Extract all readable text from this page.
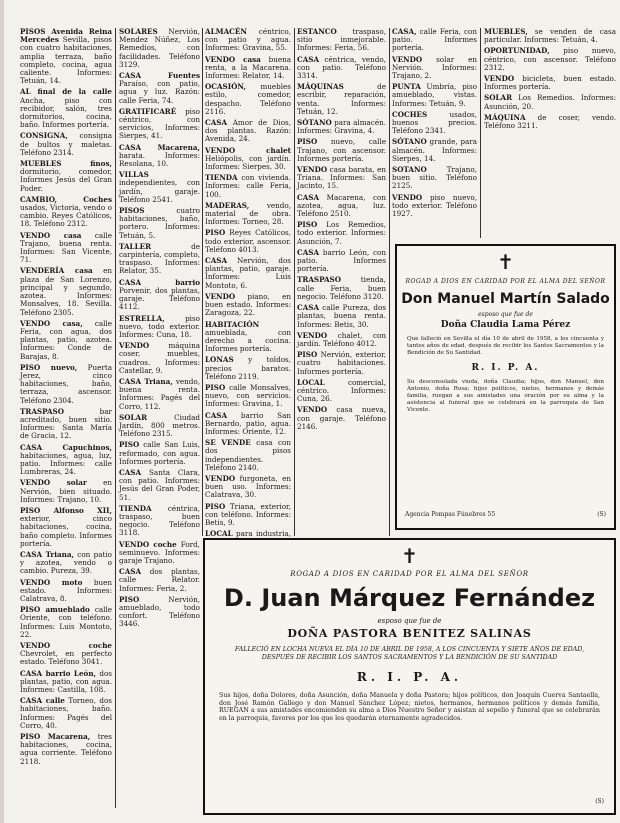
PISOS Avenida Reina Mercedes Sevilla, pisos con cuatro habitaciones, amplia terraza, baño completo, cocina, agua caliente. Informes: Tetuán, 14.

AL final de la calle Ancha, piso con recibidor, salón, tres dormitorios, cocina, baño. Informes portería.

CONSIGNA, consigna de bultos y maletas. Teléfono 2314.

MUEBLES finos, dormitorio, comedor, Informes Jesús del Gran Poder.

CAMBIO, Coches usados, Victoria, vendo o cambio. Reyes Católicos, 18. Teléfono 2312.

VENDO casa calle Trajano, buena renta. Informes: San Vicente, 71.

VENDERÍA casa en plaza de San Lorenzo, principal y segundo, azotea. Informes: Monsalves, 18. Sevilla. Teléfono 2305.

VENDO casa, calle Feria, con agua, dos plantas, patio, azotea. Informes: Conde de Barajas, 8.

PISO nuevo, Puerta Jerez, cinco habitaciones, baño, terraza, ascensor. Teléfono 2304.

TRASPASO bar acreditado, buen sitio. Informes: Santa María de Gracia, 12.

CASA Capuchinos, habitaciones, agua, luz, patio. Informes: calle Lumbreras, 24.

VENDO solar en Nervión, bien situado. Informes: Trajano, 10.

PISO Alfonso XII, exterior, cinco habitaciones, cocina, baño completo. Informes portería.

CASA Triana, con patio y azotea, vendo o cambio. Pureza, 39.

VENDO moto buen estado. Informes: Calatrava, 8.

PISO amueblado calle Oriente, con teléfono. Informes: Luis Montoto, 22.

VENDO coche Chevrolet, en perfecto estado. Teléfono 3041.

CASA barrio León, dos plantas, patio, con agua. Informes: Castilla, 108.

CASA calle Torneo, dos habitaciones, baño. Informes: Pagés del Corro, 40.

PISO Macarena, tres habitaciones, cocina, agua corriente. Teléfono 2118.

SOLARES Nervión, Mendez Núñez, Los Remedios, con facilidades. Teléfono 3129.

CASA Fuentes Paraíso, con patio, agua y luz. Razón: calle Feria, 74.

GRATIFICARÉ piso céntrico, con servicios, Informes: Sierpes, 41.

CASA Macarena, barata. Informes: Resolana, 10.

VILLAS independientes, con jardín, garaje. Teléfono 2541.

PISOS cuatro habitaciones, baño, portero. Informes: Tetuán, 5.

TALLER de carpintería, completo, traspaso. Informes: Relator, 35.

CASA barrio Porvenir, dos plantas, garaje. Teléfono 4112.

ESTRELLA, piso nuevo, todo exterior. Informes: Cuna, 18.

VENDO máquina coser, muebles, cuadros. Informes: Castellar, 9.

CASA Triana, vendo, buena renta. Informes: Pagés del Corro, 112.

SOLAR Ciudad Jardín, 800 metros. Teléfono 2315.

PISO calle San Luis, reformado, con agua. Informes portería.

CASA Santa Clara, con patio. Informes: Jesús del Gran Poder, 51.

TIENDA céntrica, traspaso, buen negocio. Teléfono 3118.

VENDO coche Ford, seminuevo. Informes: garaje Trajano.

CASA dos plantas, calle Relator. Informes: Feria, 2.

PISO Nervión, amueblado, todo confort. Teléfono 3446.

ALMACÉN céntrico, con patio y agua. Informes: Gravina, 55.

VENDO casa buena renta, a la Macarena. Informes: Relator, 14.

OCASIÓN, muebles estilo, comedor, despacho. Teléfono 2116.

CASA Amor de Dios, dos plantas. Razón: Avenida, 24.

VENDO chalet Heliópolis, con jardín. Informes: Sierpes, 30.

TIENDA con vivienda. Informes: calle Feria, 100.

MADERAS, vendo, material de obra. Informes: Torneo, 28.

PISO Reyes Católicos, todo exterior, ascensor. Teléfono 4013.

CASA Nervión, dos plantas, patio, garaje. Informes: Luis Montoto, 6.

VENDO piano, en buen estado. Informes: Zaragoza, 22.

HABITACIÓN amueblada, con derecho a cocina. Informes portería.

LONAS y toldos, precios baratos. Teléfono 2119.

PISO calle Monsalves, nuevo, con servicios. Informes: Gravina, 1.

CASA barrio San Bernardo, patio, agua. Informes: Oriente, 12.

SE VENDE casa con dos pisos independientes. Teléfono 2140.

VENDO furgoneta, en buen uso. Informes: Calatrava, 30.

PISO Triana, exterior, con teléfono. Informes: Betis, 9.

LOCAL para industria,

ESTANCO traspaso, sitio inmejorable. Informes: Feria, 56.

CASA céntrica, vendo, con patio. Teléfono 3314.

MÁQUINAS de escribir, reparación, venta. Informes: Tetuán, 12.

SÓTANO para almacén. Informes: Gravina, 4.

PISO nuevo, calle Trajano, con ascensor. Informes portería.

VENDO casa barata, en Triana. Informes: San Jacinto, 15.

CASA Macarena, con azotea, agua, luz. Teléfono 2510.

PISO Los Remedios, todo exterior. Informes: Asunción, 7.

CASA barrio León, con patio. Informes portería.

TRASPASO tienda, calle Feria, buen negocio. Teléfono 3120.

CASA calle Pureza, dos plantas, buena renta. Informes: Betis, 30.

VENDO chalet, con jardín. Teléfono 4012.

PISO Nervión, exterior, cuatro habitaciones. Informes portería.

LOCAL comercial, céntrico. Informes: Cuna, 26.

VENDO casa nueva, con garaje. Teléfono 2146.

CASA, calle Feria, con patio. Informes portería.

VENDO solar en Nervión. Informes: Trajano, 2.

PUNTA Umbría, piso amueblado, vistas. Informes: Tetuán, 9.

COCHES usados, buenos precios. Teléfono 2341.

SÓTANO grande, para almacén. Informes: Sierpes, 14.

SOTANO Trajano, buen sitio. Teléfono 2125.

VENDO piso nuevo, todo exterior. Teléfono 1927.

MUEBLES, se venden de casa particular. Informes: Tetuán, 4.

OPORTUNIDAD, piso nuevo, céntrico, con ascensor. Teléfono 2312.

VENDO bicicleta, buen estado. Informes portería.

SOLAR Los Remedios. Informes: Asunción, 20.

MÁQUINA de coser, vendo. Teléfono 3211.

✝
ROGAD A DIOS EN CARIDAD POR EL ALMA DEL SEÑOR
Don Manuel Martín Salado
esposo que fue de
Doña Claudia Lama Pérez
Que falleció en Sevilla el día 10 de abril de 1958, a los cincuenta y tantos años de edad, después de recibir los Santos Sacramentos y la Bendición de Su Santidad.
R. I. P. A.
Su desconsolada viuda, doña Claudia; hijos, don Manuel, don Antonio, doña Rosa; hijos políticos, nietos, hermanos y demás familia, ruegan a sus amistades una oración por su alma y la asistencia al funeral que se celebrará en la parroquia de San Vicente.
Agencia Pompas Fúnebres 55	(S)
✝
ROGAD A DIOS EN CARIDAD POR EL ALMA DEL SEÑOR
D. Juan Márquez Fernández
esposo que fue de
DOÑA PASTORA BENITEZ SALINAS
FALLECIÓ EN LOCHA NUEVA EL DÍA 10 DE ABRIL DE 1958, A LOS CINCUENTA Y SIETE AÑOS DE EDAD, DESPUÉS DE RECIBIR LOS SANTOS SACRAMENTOS Y LA BENDICIÓN DE SU SANTIDAD
R. I. P. A.
Sus hijos, doña Dolores, doña Asunción, doña Manuela y doña Pastora; hijos políticos, don Joaquín Cuerva Santaella, don José Ramón Gallego y don Manuel Sánchez López; nietos, hermanos, hermanos políticos y demás familia, RUEGAN a sus amistades encomienden su alma a Dios Nuestro Señor y asistan al sepelio y funeral que se celebrarán en la parroquia, favores por los que les quedarán eternamente agradecidos.
(S)
